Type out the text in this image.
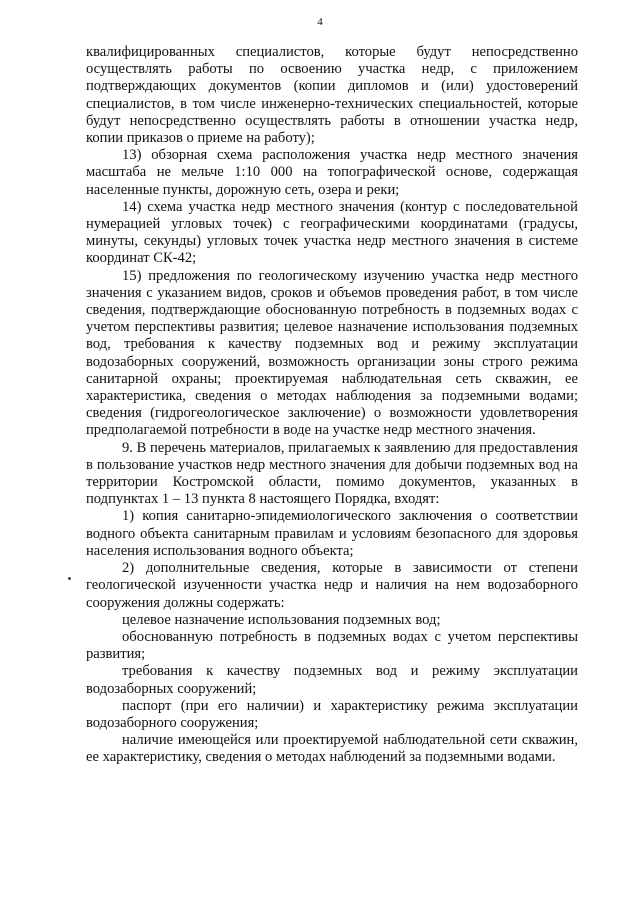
4

квалифицированных специалистов, которые будут непосредственно осуществлять работы по освоению участка недр, с приложением подтверждающих документов (копии дипломов и (или) удостоверений специалистов, в том числе инженерно-технических специальностей, которые будут непосредственно осуществлять работы в отношении участка недр, копии приказов о приеме на работу);

13) обзорная схема расположения участка недр местного значения масштаба не мельче 1:10 000 на топографической основе, содержащая населенные пункты, дорожную сеть, озера и реки;

14) схема участка недр местного значения (контур с последовательной нумерацией угловых точек) с географическими координатами (градусы, минуты, секунды) угловых точек участка недр местного значения в системе координат СК-42;

15) предложения по геологическому изучению участка недр местного значения с указанием видов, сроков и объемов проведения работ, в том числе сведения, подтверждающие обоснованную потребность в подземных водах с учетом перспективы развития; целевое назначение использования подземных вод, требования к качеству подземных вод и режиму эксплуатации водозаборных сооружений, возможность организации зоны строго режима санитарной охраны; проектируемая наблюдательная сеть скважин, ее характеристика, сведения о методах наблюдения за подземными водами; сведения (гидрогеологическое заключение) о возможности удовлетворения предполагаемой потребности в воде на участке недр местного значения.

9. В перечень материалов, прилагаемых к заявлению для предоставления в пользование участков недр местного значения для добычи подземных вод на территории Костромской области, помимо документов, указанных в подпунктах 1 – 13 пункта 8 настоящего Порядка, входят:

1) копия санитарно-эпидемиологического заключения о соответствии водного объекта санитарным правилам и условиям безопасного для здоровья населения использования водного объекта;

2) дополнительные сведения, которые в зависимости от степени геологической изученности участка недр и наличия на нем водозаборного сооружения должны содержать:

целевое назначение использования подземных вод;

обоснованную потребность в подземных водах с учетом перспективы развития;

требования к качеству подземных вод и режиму эксплуатации водозаборных сооружений;

паспорт (при его наличии) и характеристику режима эксплуатации водозаборного сооружения;

наличие имеющейся или проектируемой наблюдательной сети скважин, ее характеристику, сведения о методах наблюдений за подземными водами.
